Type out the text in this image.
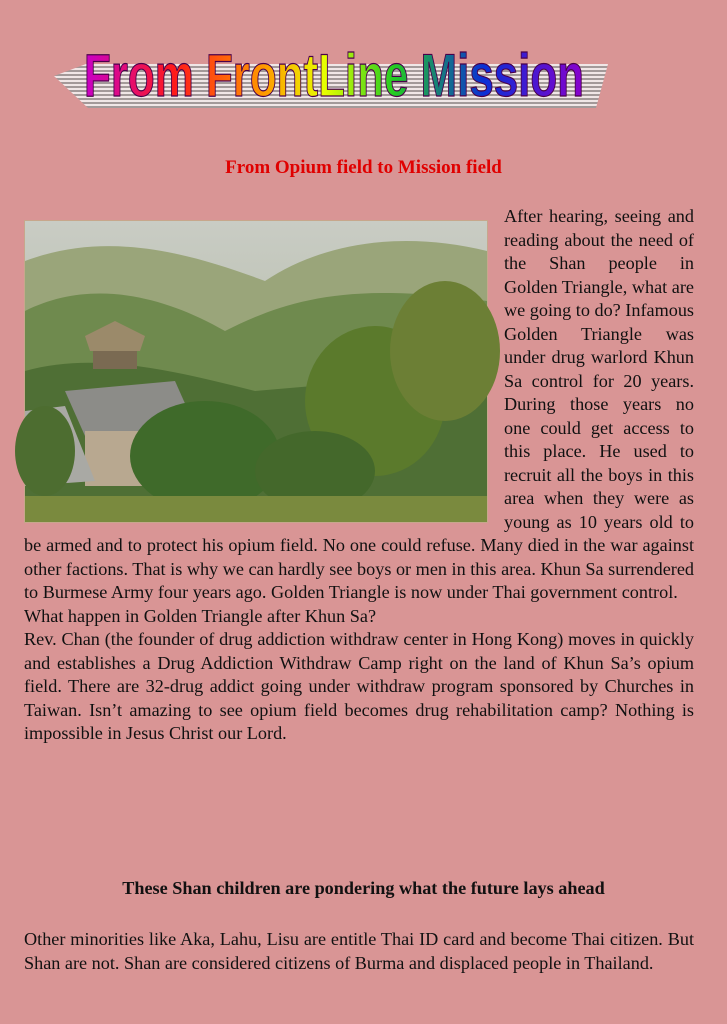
From FrontLine Mission
From Opium field to Mission field

After hearing, seeing and reading about the need of the Shan people in Golden Triangle, what are we going to do? Infamous Golden Triangle was under drug warlord Khun Sa control for 20 years. During those years no one could get access to this place. He used to recruit all the boys in this area when they were as young as 10 years old to be armed and to protect his opium field. No one could refuse. Many died in the war against other factions. That is why we can hardly see boys or men in this area. Khun Sa surrendered to Burmese Army four years ago. Golden Triangle is now under Thai government control.

What happen in Golden Triangle after Khun Sa?

Rev. Chan (the founder of drug addiction withdraw center in Hong Kong) moves in quickly and establishes a Drug Addiction Withdraw Camp right on the land of Khun Sa’s opium field. There are 32-drug addict going under withdraw program sponsored by Churches in Taiwan. Isn’t amazing to see opium field becomes drug rehabilitation camp? Nothing is impossible in Jesus Christ our Lord.

These Shan children are pondering what the future lays ahead
Other minorities like Aka, Lahu, Lisu are entitle Thai ID card and become Thai citizen. But Shan are not. Shan are considered citizens of Burma and displaced people in Thailand.
